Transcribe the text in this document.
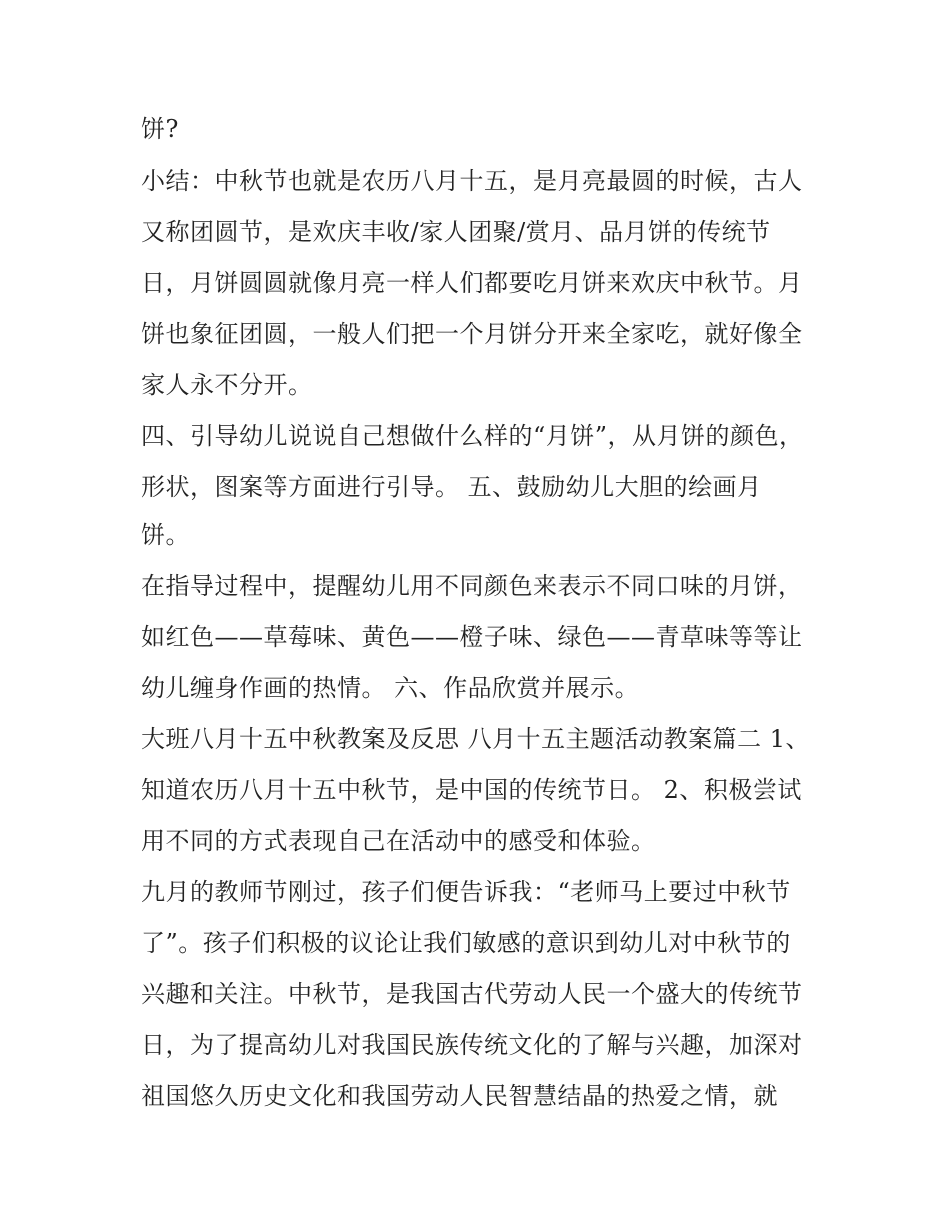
饼?
小结：中秋节也就是农历八月十五，是月亮最圆的时候，古人
又称团圆节，是欢庆丰收/家人团聚/赏月、品月饼的传统节
日，月饼圆圆就像月亮一样人们都要吃月饼来欢庆中秋节。月
饼也象征团圆，一般人们把一个月饼分开来全家吃，就好像全
家人永不分开。
四、引导幼儿说说自己想做什么样的“月饼”，从月饼的颜色，
形状，图案等方面进行引导。 五、鼓励幼儿大胆的绘画月
饼。
在指导过程中，提醒幼儿用不同颜色来表示不同口味的月饼，
如红色——草莓味、黄色——橙子味、绿色——青草味等等让
幼儿缠身作画的热情。 六、作品欣赏并展示。
大班八月十五中秋教案及反思 八月十五主题活动教案篇二 1、
知道农历八月十五中秋节，是中国的传统节日。 2、积极尝试
用不同的方式表现自己在活动中的感受和体验。
九月的教师节刚过，孩子们便告诉我：“老师马上要过中秋节
了”。孩子们积极的议论让我们敏感的意识到幼儿对中秋节的
兴趣和关注。中秋节，是我国古代劳动人民一个盛大的传统节
日，为了提高幼儿对我国民族传统文化的了解与兴趣，加深对
祖国悠久历史文化和我国劳动人民智慧结晶的热爱之情，就
